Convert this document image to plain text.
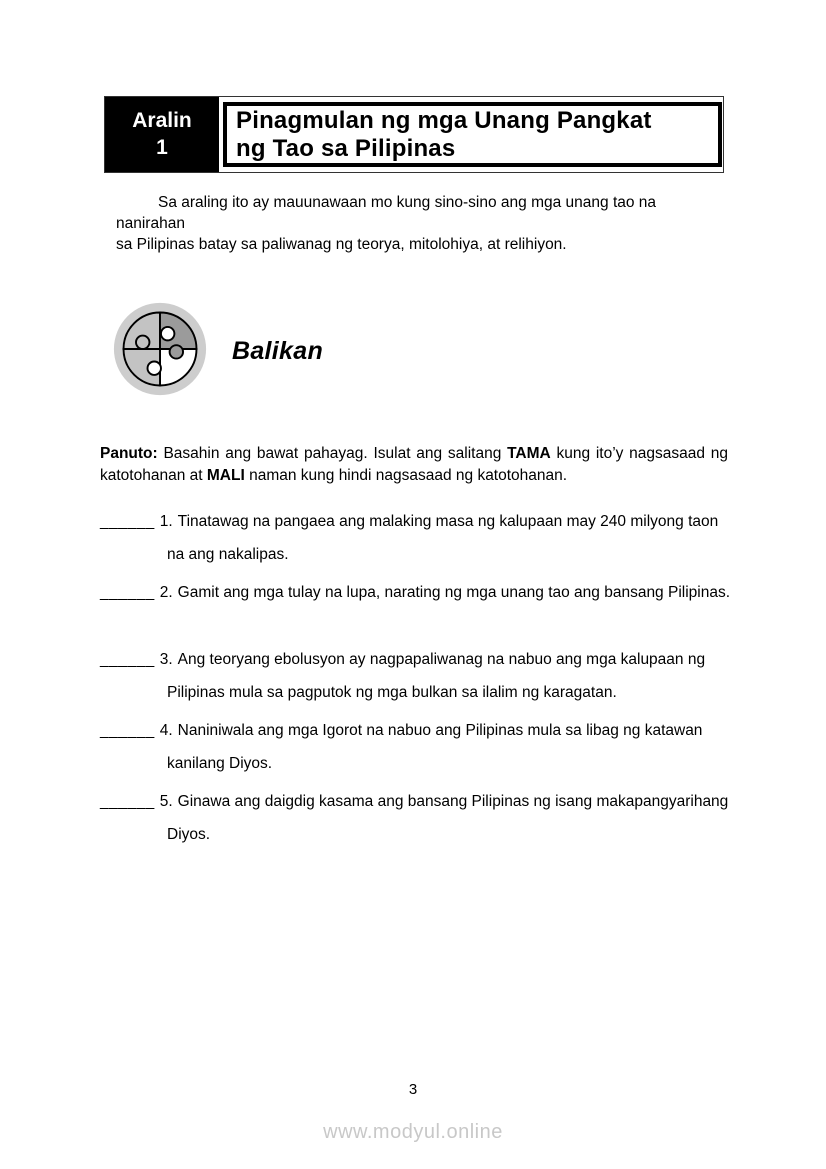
Aralin
1
Pinagmulan ng mga Unang Pangkat
ng Tao sa Pilipinas
Sa araling ito ay mauunawaan mo kung sino-sino ang mga unang tao na nanirahan
sa Pilipinas batay sa paliwanag ng teorya, mitolohiya, at relihiyon.
Balikan
Panuto: Basahin ang bawat pahayag. Isulat ang salitang TAMA kung ito’y nagsasaad ng
katotohanan at MALI naman kung hindi nagsasaad ng katotohanan.
______ 1. Tinatawag na pangaea ang malaking masa ng kalupaan may 240 milyong taon
na ang nakalipas.
______ 2. Gamit ang mga tulay na lupa, narating ng mga unang tao ang bansang Pilipinas.
______ 3. Ang teoryang ebolusyon ay nagpapaliwanag na nabuo ang mga kalupaan ng
Pilipinas mula sa pagputok ng mga bulkan sa ilalim ng karagatan.
______ 4. Naniniwala ang mga Igorot na nabuo ang Pilipinas mula sa libag ng katawan
kanilang Diyos.
______ 5. Ginawa ang daigdig kasama ang bansang Pilipinas ng isang makapangyarihang
Diyos.
3
www.modyul.online
